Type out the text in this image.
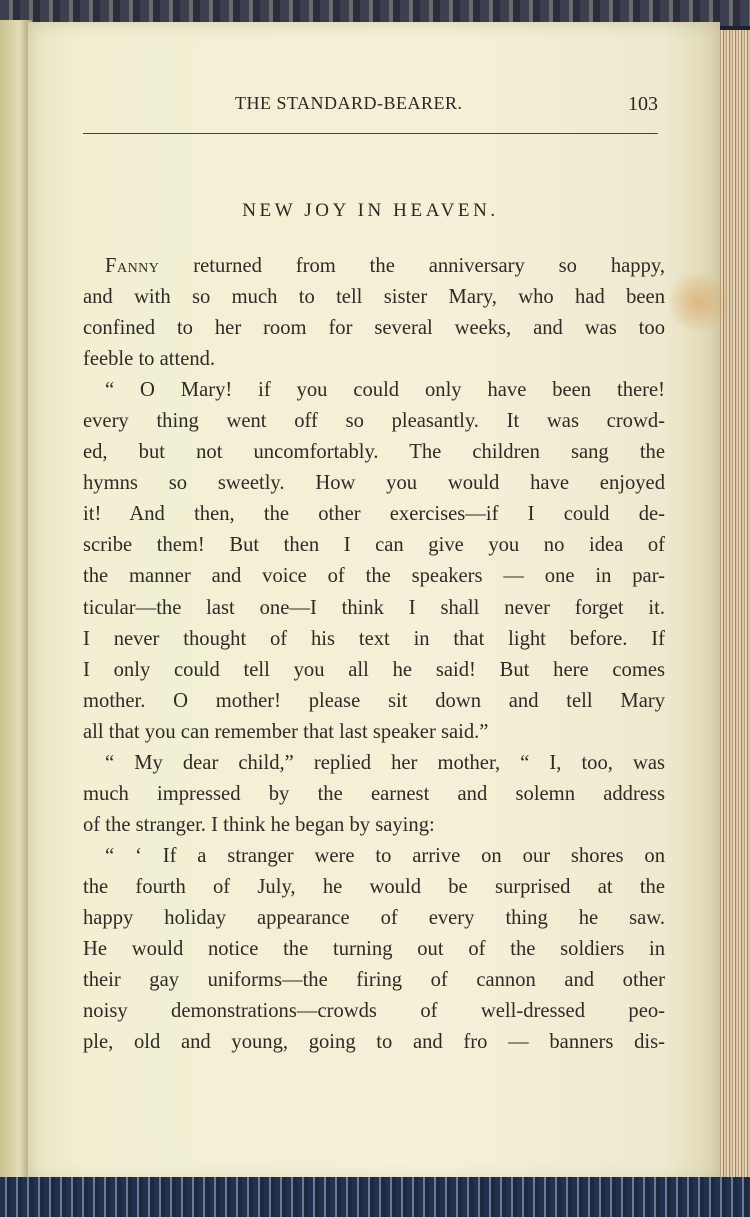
THE STANDARD-BEARER.	103
NEW JOY IN HEAVEN.
Fanny returned from the anniversary so happy,
and with so much to tell sister Mary, who had been
confined to her room for several weeks, and was too
feeble to attend.
“ O Mary! if you could only have been there!
every thing went off so pleasantly. It was crowd-
ed, but not uncomfortably. The children sang the
hymns so sweetly. How you would have enjoyed
it! And then, the other exercises—if I could de-
scribe them! But then I can give you no idea of
the manner and voice of the speakers — one in par-
ticular—the last one—I think I shall never forget it.
I never thought of his text in that light before. If
I only could tell you all he said! But here comes
mother. O mother! please sit down and tell Mary
all that you can remember that last speaker said.”
“ My dear child,” replied her mother, “ I, too, was
much impressed by the earnest and solemn address
of the stranger. I think he began by saying:
“ ‘ If a stranger were to arrive on our shores on
the fourth of July, he would be surprised at the
happy holiday appearance of every thing he saw.
He would notice the turning out of the soldiers in
their gay uniforms—the firing of cannon and other
noisy demonstrations—crowds of well-dressed peo-
ple, old and young, going to and fro — banners dis-
